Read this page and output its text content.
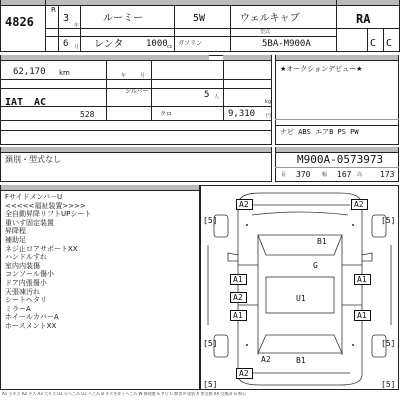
4826
R
3
6
年
月
ルーミー	5W	ウェルキャブ
レンタ	1000 cc ガソリン
型式
5BA-M900A
RA
C C
62,170 km	年	月
IAT AC
シルバー	5 人
kg
528	クロ	9,310 円
★オークションデビュー★
ナビ ABS エアB PS PW
頚別・型式なし	M900A-0573973
長 370 幅 167 高 173
Fサイドメンバ－U
<<<<<福祉装置>>>>
全自動昇降リフトUPシート
重いす固定装置
昇降程
補助足
ネジ止ロアサポートXX
ハンドルすれ
室内内装傷
コンソール傷小
ドア内張傷小
天張凍汚れ
シートヘタリ
ミラーA
ホイールカバーA
ホースメントXX
[5]	[5]
[5]	[5]
[5]	[5]
A2	A2
B1
G
A1	A1
A2	U1
A1	A1
A2	B1
A2
A1 小キズ A2 キズ A3 大キズ U1 小へこみ U2 へこみ B キズを伴うへこみ W 修理歴 S サビ C 腐食 P 塗装 X 要交換 XX 交換済 G 飛石
